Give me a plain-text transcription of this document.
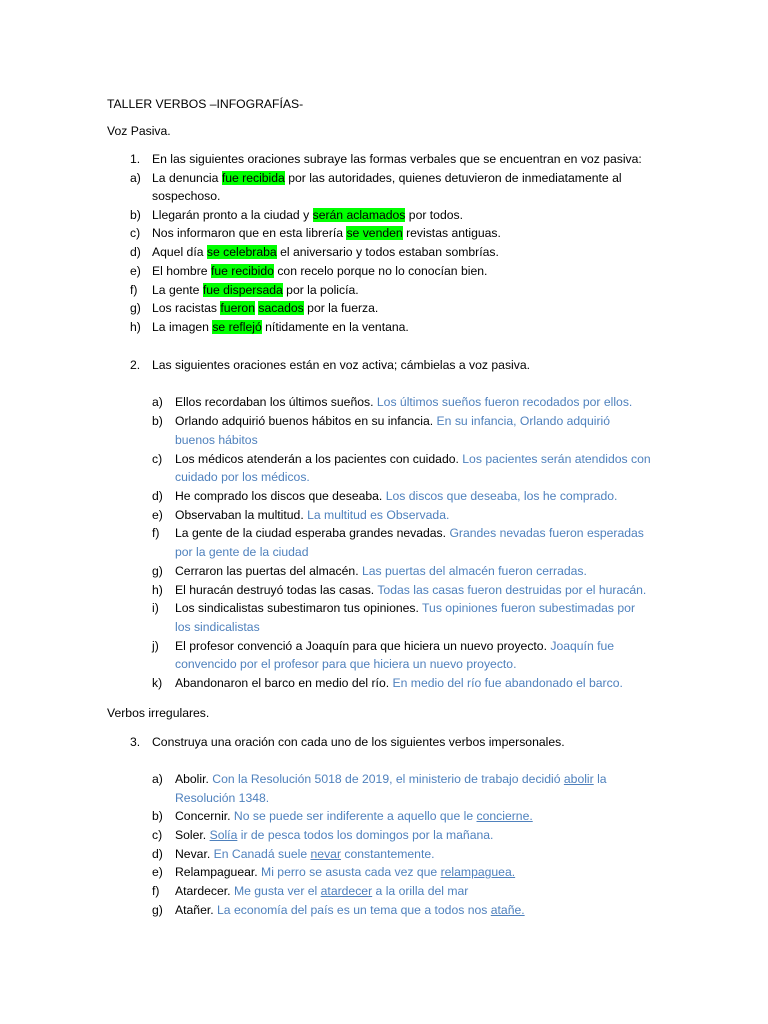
TALLER VERBOS –INFOGRAFÍAS-
Voz Pasiva.
1. En las siguientes oraciones subraye las formas verbales que se encuentran en voz pasiva:
a) La denuncia fue recibida por las autoridades, quienes detuvieron de inmediatamente al
sospechoso.
b) Llegarán pronto a la ciudad y serán aclamados por todos.
c) Nos informaron que en esta librería se venden revistas antiguas.
d) Aquel día se celebraba el aniversario y todos estaban sombrías.
e) El hombre fue recibido con recelo porque no lo conocían bien.
f) La gente fue dispersada por la policía.
g) Los racistas fueron sacados por la fuerza.
h) La imagen se reflejó nítidamente en la ventana.
2. Las siguientes oraciones están en voz activa; cámbielas a voz pasiva.
a) Ellos recordaban los últimos sueños. Los últimos sueños fueron recodados por ellos.
b) Orlando adquirió buenos hábitos en su infancia. En su infancia, Orlando adquirió
buenos hábitos
c) Los médicos atenderán a los pacientes con cuidado. Los pacientes serán atendidos con
cuidado por los médicos.
d) He comprado los discos que deseaba. Los discos que deseaba, los he comprado.
e) Observaban la multitud. La multitud es Observada.
f) La gente de la ciudad esperaba grandes nevadas. Grandes nevadas fueron esperadas
por la gente de la ciudad
g) Cerraron las puertas del almacén. Las puertas del almacén fueron cerradas.
h) El huracán destruyó todas las casas. Todas las casas fueron destruidas por el huracán.
i) Los sindicalistas subestimaron tus opiniones. Tus opiniones fueron subestimadas por
los sindicalistas
j) El profesor convenció a Joaquín para que hiciera un nuevo proyecto. Joaquín fue
convencido por el profesor para que hiciera un nuevo proyecto.
k) Abandonaron el barco en medio del río. En medio del río fue abandonado el barco.
Verbos irregulares.
3. Construya una oración con cada uno de los siguientes verbos impersonales.
a) Abolir. Con la Resolución 5018 de 2019, el ministerio de trabajo decidió abolir la
Resolución 1348.
b) Concernir. No se puede ser indiferente a aquello que le concierne.
c) Soler. Solía ir de pesca todos los domingos por la mañana.
d) Nevar. En Canadá suele nevar constantemente.
e) Relampaguear. Mi perro se asusta cada vez que relampaguea.
f) Atardecer. Me gusta ver el atardecer a la orilla del mar
g) Atañer. La economía del país es un tema que a todos nos atañe.
